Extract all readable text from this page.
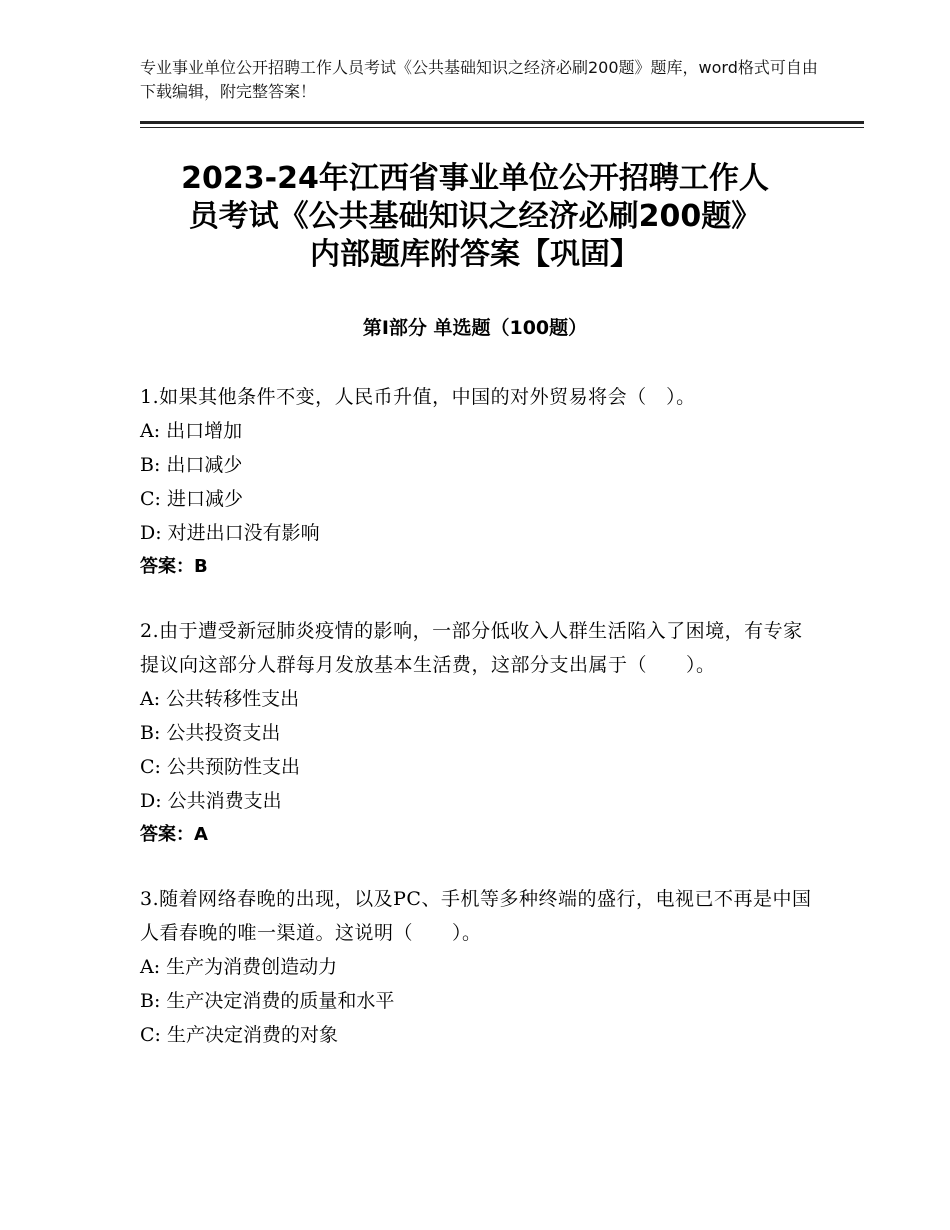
专业事业单位公开招聘工作人员考试《公共基础知识之经济必刷200题》题库，word格式可自由下载编辑，附完整答案！
2023-24年江西省事业单位公开招聘工作人
员考试《公共基础知识之经济必刷200题》
内部题库附答案【巩固】
第Ⅰ部分 单选题（100题）

1.如果其他条件不变，人民币升值，中国的对外贸易将会（　）。

A: 出口增加

B: 出口减少

C: 进口减少

D: 对进出口没有影响

答案：B

2.由于遭受新冠肺炎疫情的影响，一部分低收入人群生活陷入了困境，有专家提议向这部分人群每月发放基本生活费，这部分支出属于（　　）。

A: 公共转移性支出

B: 公共投资支出

C: 公共预防性支出

D: 公共消费支出

答案：A

3.随着网络春晚的出现，以及PC、手机等多种终端的盛行，电视已不再是中国人看春晚的唯一渠道。这说明（　　）。

A: 生产为消费创造动力

B: 生产决定消费的质量和水平

C: 生产决定消费的对象
